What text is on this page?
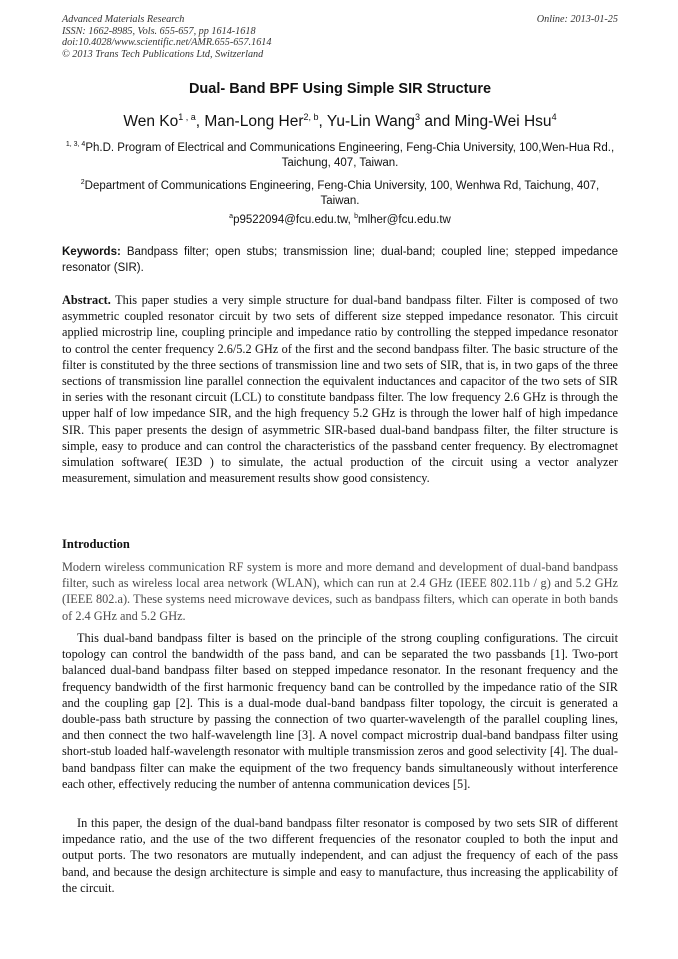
Advanced Materials Research
ISSN: 1662-8985, Vols. 655-657, pp 1614-1618
doi:10.4028/www.scientific.net/AMR.655-657.1614
© 2013 Trans Tech Publications Ltd, Switzerland
Online: 2013-01-25
Dual- Band BPF Using Simple SIR Structure
Wen Ko$^{1 , a}$, Man-Long Her$^{2, b}$, Yu-Lin Wang$^3$ and Ming-Wei Hsu$^4$
$^{1, 3, 4}$Ph.D. Program of Electrical and Communications Engineering, Feng-Chia University, 100,Wen-Hua Rd., Taichung, 407, Taiwan.
$^2$Department of Communications Engineering, Feng-Chia University, 100, Wenhwa Rd, Taichung, 407, Taiwan.
$^a$p9522094@fcu.edu.tw, $^b$mlher@fcu.edu.tw
Keywords: Bandpass filter; open stubs; transmission line; dual-band; coupled line; stepped impedance resonator (SIR).
Abstract. This paper studies a very simple structure for dual-band bandpass filter. Filter is composed of two asymmetric coupled resonator circuit by two sets of different size stepped impedance resonator. This circuit applied microstrip line, coupling principle and impedance ratio by controlling the stepped impedance resonator to control the center frequency 2.6/5.2 GHz of the first and the second bandpass filter. The basic structure of the filter is constituted by the three sections of transmission line and two sets of SIR, that is, in two gaps of the three sections of transmission line parallel connection the equivalent inductances and capacitor of the two sets of SIR in series with the resonant circuit (LCL) to constitute bandpass filter. The low frequency 2.6 GHz is through the upper half of low impedance SIR, and the high frequency 5.2 GHz is through the lower half of high impedance SIR. This paper presents the design of asymmetric SIR-based dual-band bandpass filter, the filter structure is simple, easy to produce and can control the characteristics of the passband center frequency. By electromagnet simulation software( IE3D ) to simulate, the actual production of the circuit using a vector analyzer measurement, simulation and measurement results show good consistency.
Introduction
Modern wireless communication RF system is more and more demand and development of dual-band bandpass filter, such as wireless local area network (WLAN), which can run at 2.4 GHz (IEEE 802.11b / g) and 5.2 GHz (IEEE 802.a). These systems need microwave devices, such as bandpass filters, which can operate in both bands of 2.4 GHz and 5.2 GHz.
This dual-band bandpass filter is based on the principle of the strong coupling configurations. The circuit topology can control the bandwidth of the pass band, and can be separated the two passbands [1]. Two-port balanced dual-band bandpass filter based on stepped impedance resonator. In the resonant frequency and the frequency bandwidth of the first harmonic frequency band can be controlled by the impedance ratio of the SIR and the coupling gap [2]. This is a dual-mode dual-band bandpass filter topology, the circuit is generated a double-pass bath structure by passing the connection of two quarter-wavelength of the parallel coupling lines, and then connect the two half-wavelength line [3]. A novel compact microstrip dual-band bandpass filter using short-stub loaded half-wavelength resonator with multiple transmission zeros and good selectivity [4]. The dual-band bandpass filter can make the equipment of the two frequency bands simultaneously without interference each other, effectively reducing the number of antenna communication devices [5].
In this paper, the design of the dual-band bandpass filter resonator is composed by two sets SIR of different impedance ratio, and the use of the two different frequencies of the resonator coupled to both the input and output ports. The two resonators are mutually independent, and can adjust the frequency of each of the pass band, and because the design architecture is simple and easy to manufacture, thus increasing the applicability of the circuit.
